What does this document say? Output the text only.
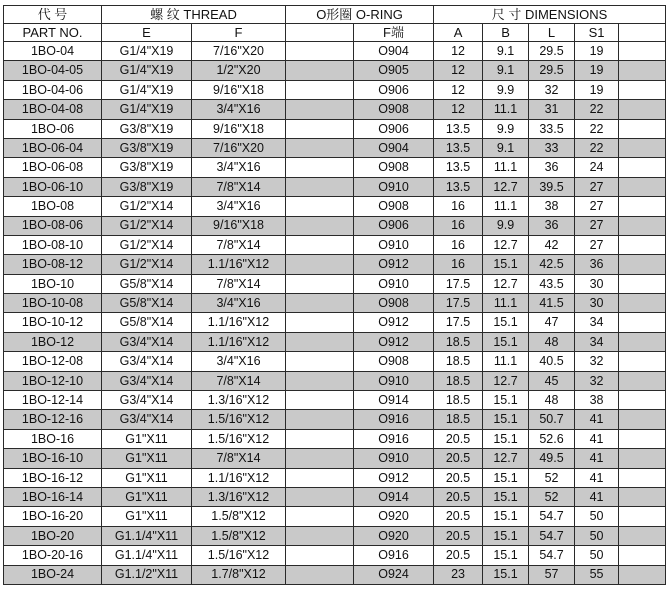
代 号	螺 纹 THREAD		O形圈 O-RING		尺 寸 DIMENSIONS				
PART NO.	E	F		F端	A	B	L	S1	
1BO-04	G1/4"X19	7/16"X20		O904	12	9.1	29.5	19	
1BO-04-05	G1/4"X19	1/2"X20		O905	12	9.1	29.5	19	
1BO-04-06	G1/4"X19	9/16"X18		O906	12	9.9	32	19	
1BO-04-08	G1/4"X19	3/4"X16		O908	12	11.1	31	22	
1BO-06	G3/8"X19	9/16"X18		O906	13.5	9.9	33.5	22	
1BO-06-04	G3/8"X19	7/16"X20		O904	13.5	9.1	33	22	
1BO-06-08	G3/8"X19	3/4"X16		O908	13.5	11.1	36	24	
1BO-06-10	G3/8"X19	7/8"X14		O910	13.5	12.7	39.5	27	
1BO-08	G1/2"X14	3/4"X16		O908	16	11.1	38	27	
1BO-08-06	G1/2"X14	9/16"X18		O906	16	9.9	36	27	
1BO-08-10	G1/2"X14	7/8"X14		O910	16	12.7	42	27	
1BO-08-12	G1/2"X14	1.1/16"X12		O912	16	15.1	42.5	36	
1BO-10	G5/8"X14	7/8"X14		O910	17.5	12.7	43.5	30	
1BO-10-08	G5/8"X14	3/4"X16		O908	17.5	11.1	41.5	30	
1BO-10-12	G5/8"X14	1.1/16"X12		O912	17.5	15.1	47	34	
1BO-12	G3/4"X14	1.1/16"X12		O912	18.5	15.1	48	34	
1BO-12-08	G3/4"X14	3/4"X16		O908	18.5	11.1	40.5	32	
1BO-12-10	G3/4"X14	7/8"X14		O910	18.5	12.7	45	32	
1BO-12-14	G3/4"X14	1.3/16"X12		O914	18.5	15.1	48	38	
1BO-12-16	G3/4"X14	1.5/16"X12		O916	18.5	15.1	50.7	41	
1BO-16	G1"X11	1.5/16"X12		O916	20.5	15.1	52.6	41	
1BO-16-10	G1"X11	7/8"X14		O910	20.5	12.7	49.5	41	
1BO-16-12	G1"X11	1.1/16"X12		O912	20.5	15.1	52	41	
1BO-16-14	G1"X11	1.3/16"X12		O914	20.5	15.1	52	41	
1BO-16-20	G1"X11	1.5/8"X12		O920	20.5	15.1	54.7	50	
1BO-20	G1.1/4"X11	1.5/8"X12		O920	20.5	15.1	54.7	50	
1BO-20-16	G1.1/4"X11	1.5/16"X12		O916	20.5	15.1	54.7	50	
1BO-24	G1.1/2"X11	1.7/8"X12		O924	23	15.1	57	55	
